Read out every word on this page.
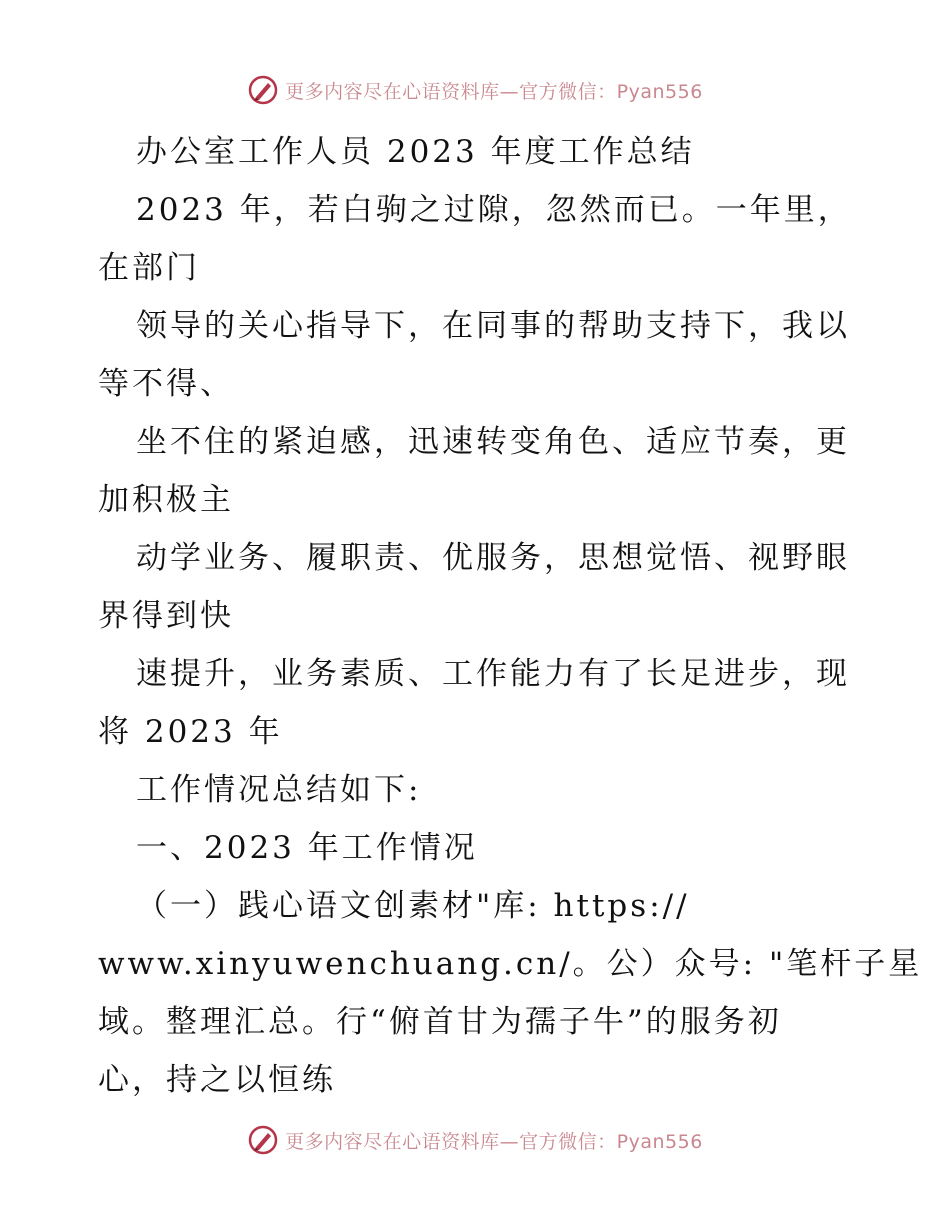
更多内容尽在心语资料库—官方微信：Pyan556
办公室工作人员 2023 年度工作总结
2023 年，若白驹之过隙，忽然而已。一年里，
在部门
领导的关心指导下，在同事的帮助支持下，我以
等不得、
坐不住的紧迫感，迅速转变角色、适应节奏，更
加积极主
动学业务、履职责、优服务，思想觉悟、视野眼
界得到快
速提升，业务素质、工作能力有了长足进步，现
将 2023 年
工作情况总结如下:
一、2023 年工作情况
（一）践心语文创素材"库: https://
www.xinyuwenchuang.cn/。公）众号: "笔杆子星
域。整理汇总。行“俯首甘为孺子牛”的服务初
心，持之以恒练
更多内容尽在心语资料库—官方微信：Pyan556
